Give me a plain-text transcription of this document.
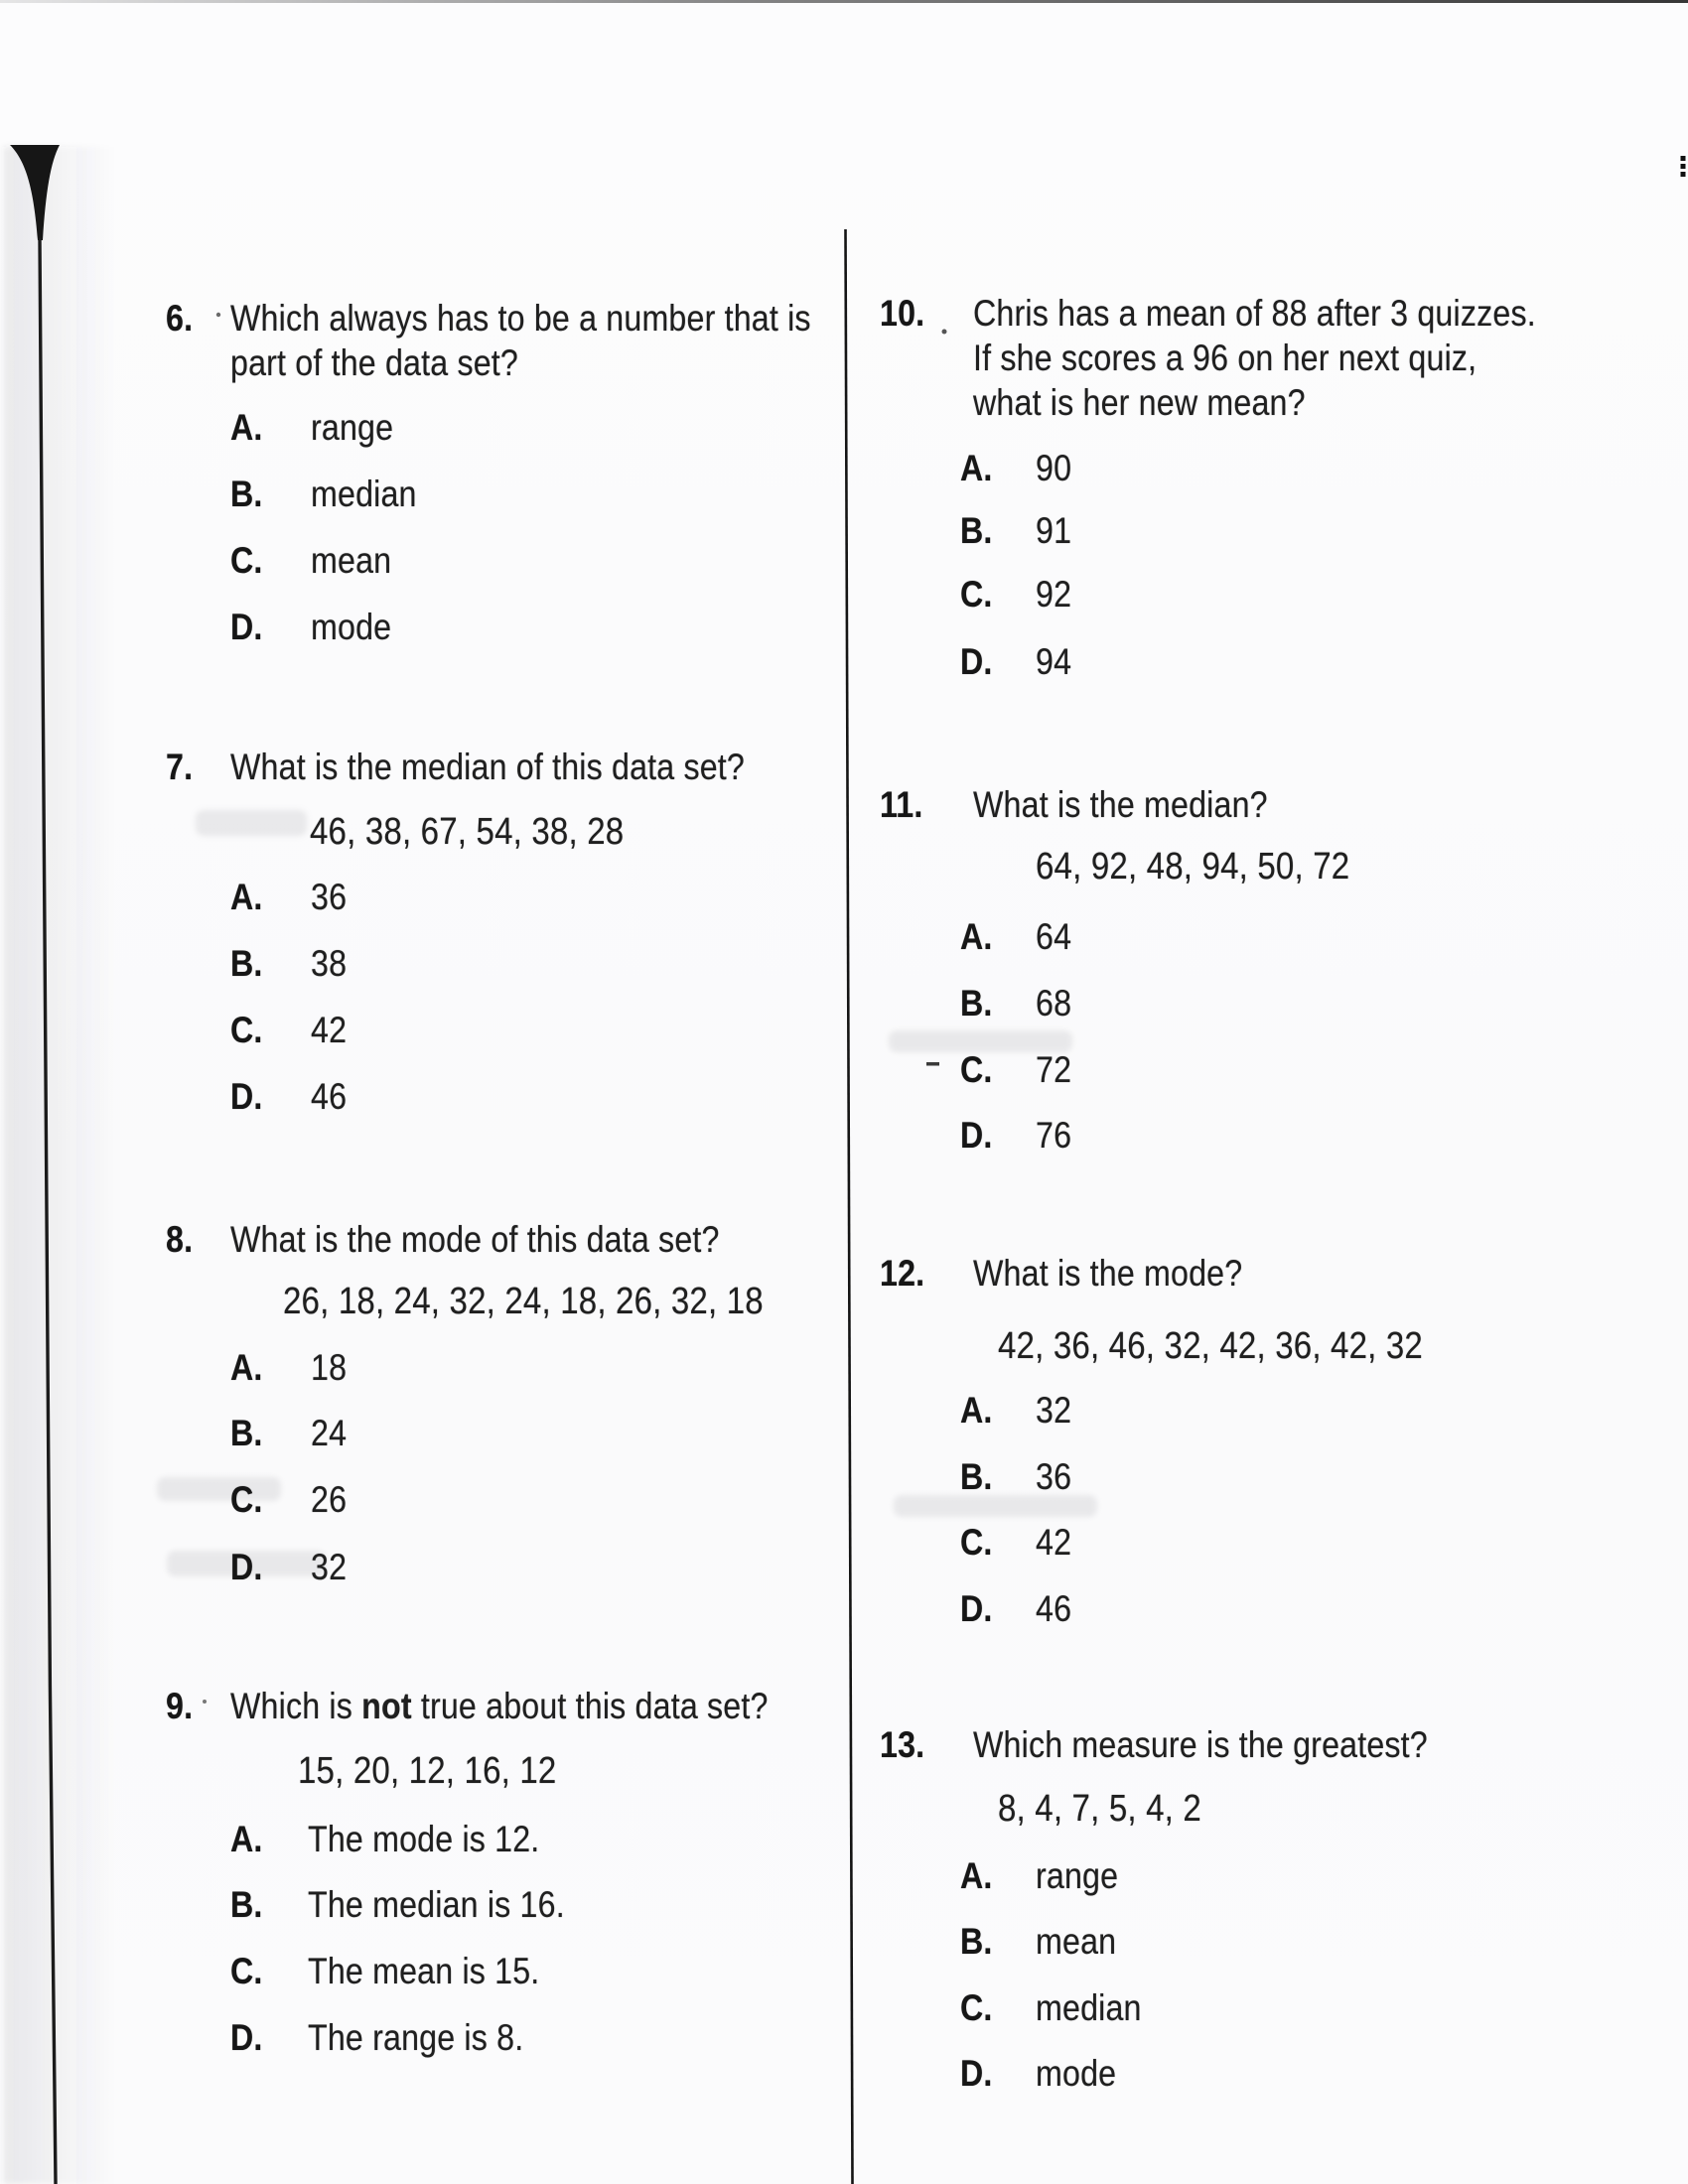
6. Which always has to be a number that is
part of the data set?
A. range
B. median
C. mean
D. mode
7. What is the median of this data set?
46, 38, 67, 54, 38, 28
A. 36
B. 38
C. 42
D. 46
8. What is the mode of this data set?
26, 18, 24, 32, 24, 18, 26, 32, 18
A. 18
B. 24
C. 26
D. 32
9. Which is not true about this data set?
15, 20, 12, 16, 12
A. The mode is 12.
B. The median is 16.
C. The mean is 15.
D. The range is 8.
10. Chris has a mean of 88 after 3 quizzes.
If she scores a 96 on her next quiz,
what is her new mean?
A. 90
B. 91
C. 92
D. 94
11. What is the median?
64, 92, 48, 94, 50, 72
A. 64
B. 68
C. 72
D. 76
12. What is the mode?
42, 36, 46, 32, 42, 36, 42, 32
A. 32
B. 36
C. 42
D. 46
13. Which measure is the greatest?
8, 4, 7, 5, 4, 2
A. range
B. mean
C. median
D. mode
